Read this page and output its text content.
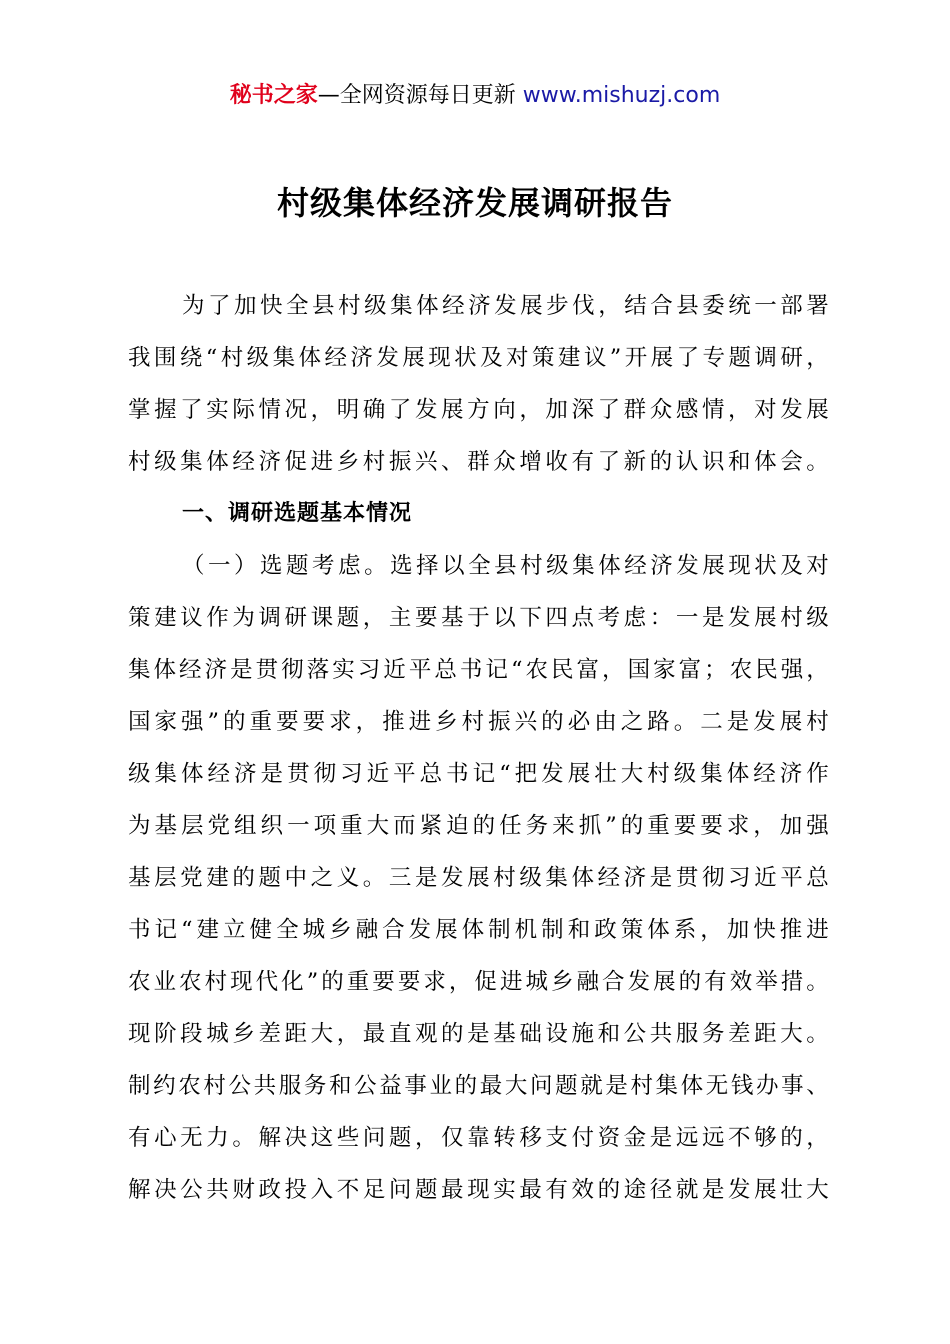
秘书之家—全网资源每日更新 www.mishuzj.com
村级集体经济发展调研报告
为了加快全县村级集体经济发展步伐，结合县委统一部署
我围绕“村级集体经济发展现状及对策建议”开展了专题调研，
掌握了实际情况，明确了发展方向，加深了群众感情，对发展
村级集体经济促进乡村振兴、群众增收有了新的认识和体会。
一、调研选题基本情况
（一）选题考虑。选择以全县村级集体经济发展现状及对
策建议作为调研课题，主要基于以下四点考虑：一是发展村级
集体经济是贯彻落实习近平总书记“农民富，国家富；农民强，
国家强”的重要要求，推进乡村振兴的必由之路。二是发展村
级集体经济是贯彻习近平总书记“把发展壮大村级集体经济作
为基层党组织一项重大而紧迫的任务来抓”的重要要求，加强
基层党建的题中之义。三是发展村级集体经济是贯彻习近平总
书记“建立健全城乡融合发展体制机制和政策体系，加快推进
农业农村现代化”的重要要求，促进城乡融合发展的有效举措。
现阶段城乡差距大，最直观的是基础设施和公共服务差距大。
制约农村公共服务和公益事业的最大问题就是村集体无钱办事、
有心无力。解决这些问题，仅靠转移支付资金是远远不够的，
解决公共财政投入不足问题最现实最有效的途径就是发展壮大
